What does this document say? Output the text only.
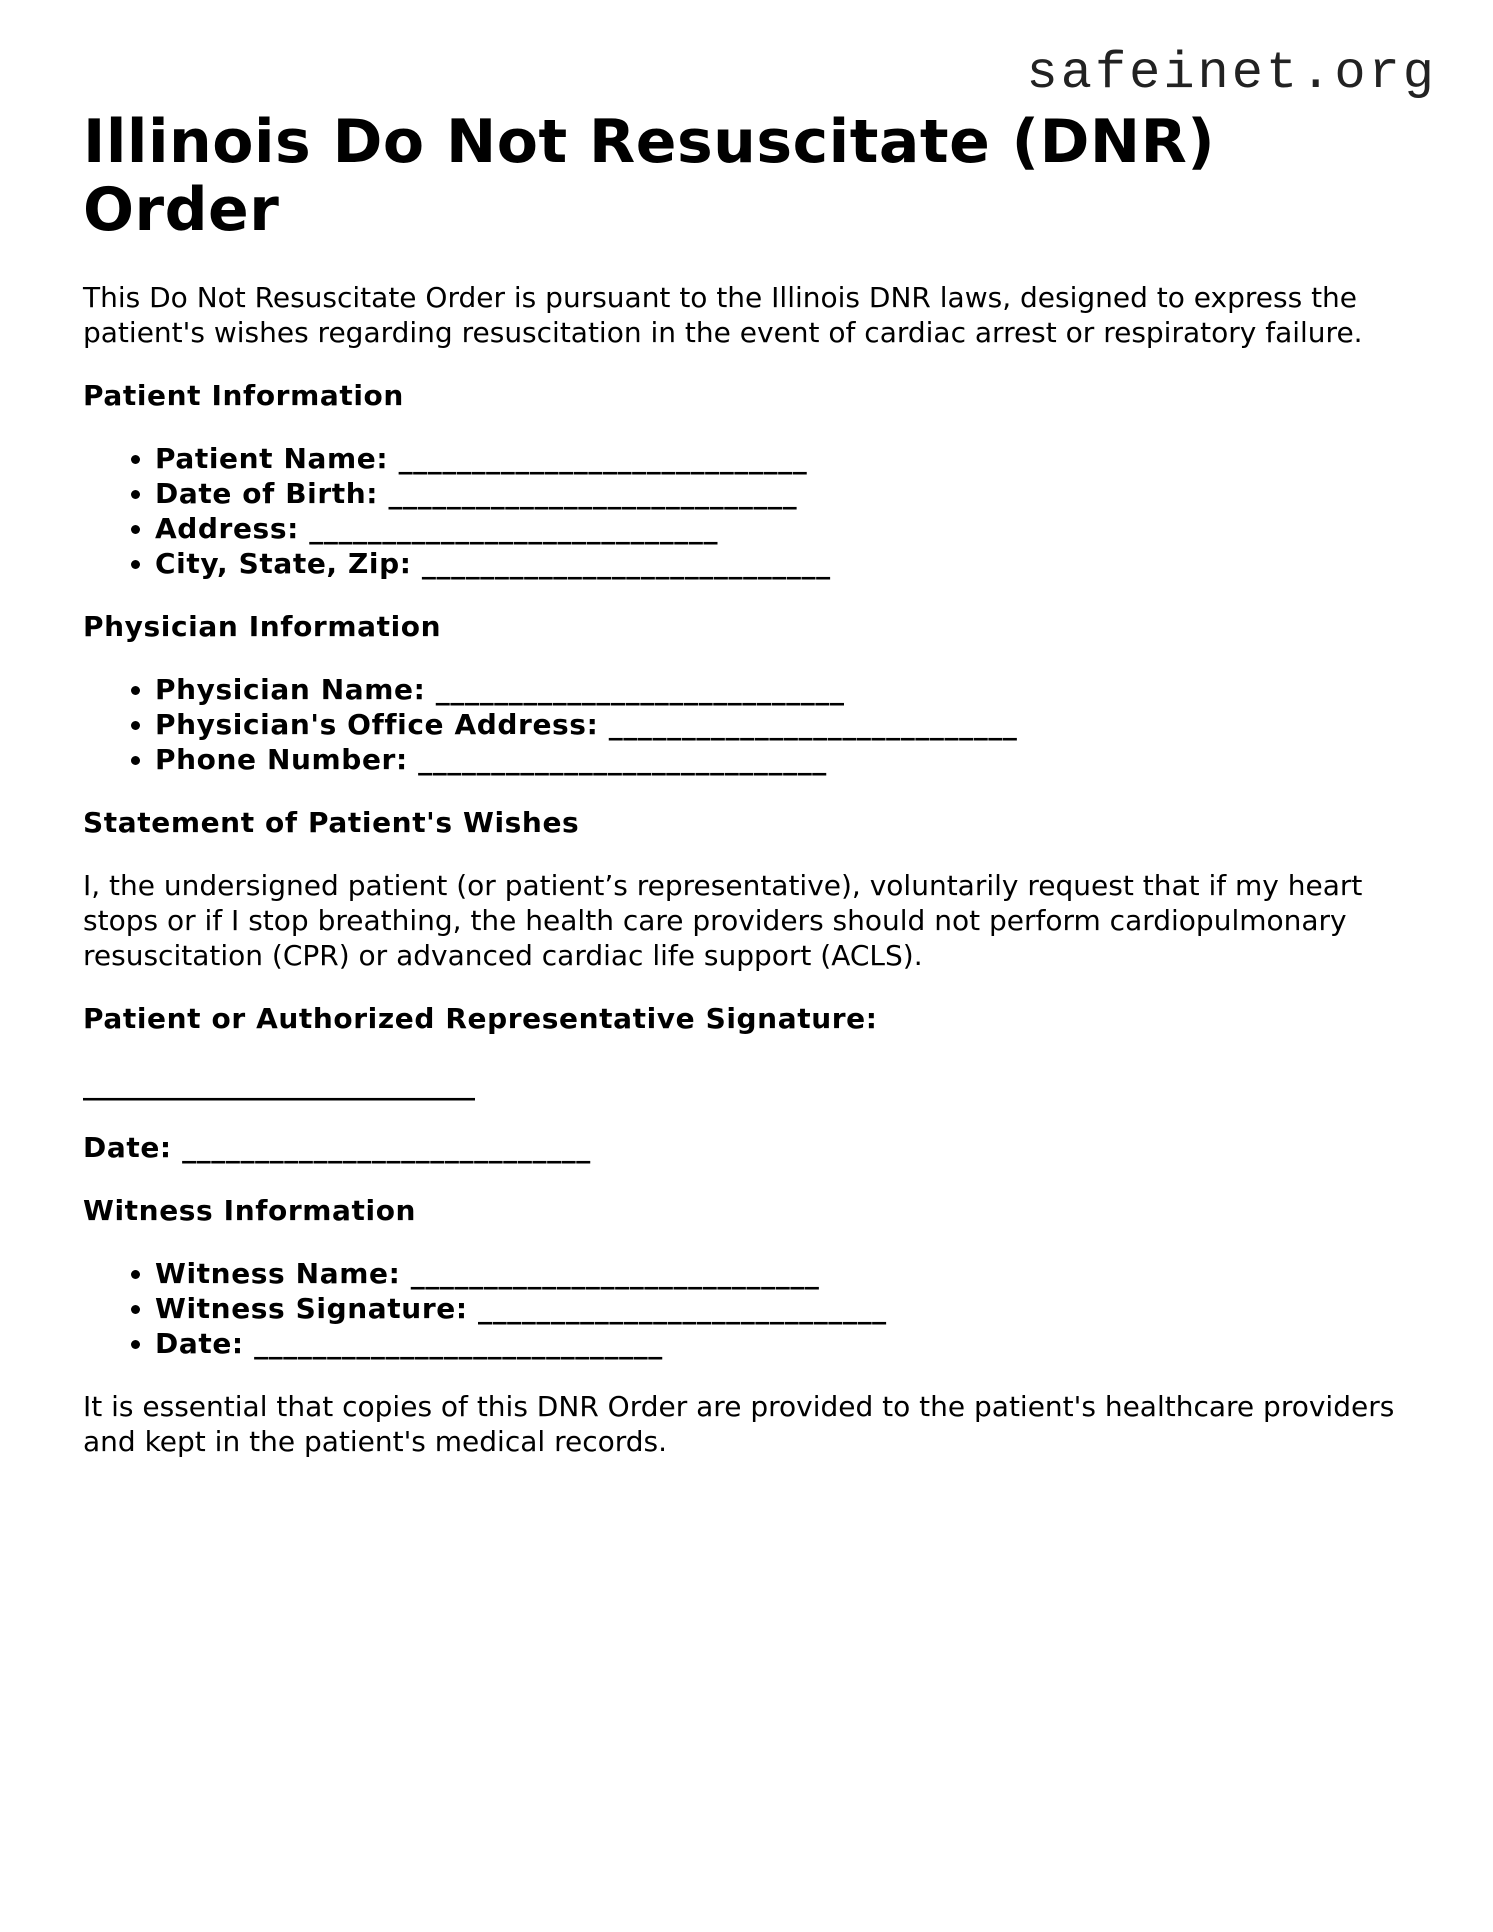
safeinet.org
Illinois Do Not Resuscitate (DNR) Order

This Do Not Resuscitate Order is pursuant to the Illinois DNR laws, designed to express the patient's wishes regarding resuscitation in the event of cardiac arrest or respiratory failure.

Patient Information
• Patient Name: ____________________________
• Date of Birth: ____________________________
• Address: ____________________________
• City, State, Zip: ____________________________
Physician Information
• Physician Name: ____________________________
• Physician's Office Address: ____________________________
• Phone Number: ____________________________
Statement of Patient's Wishes

I, the undersigned patient (or patient’s representative), voluntarily request that if my heart stops or if I stop breathing, the health care providers should not perform cardiopulmonary resuscitation (CPR) or advanced cardiac life support (ACLS).

Patient or Authorized Representative Signature:
____________________________
Date: ____________________________
Witness Information
• Witness Name: ____________________________
• Witness Signature: ____________________________
• Date: ____________________________

It is essential that copies of this DNR Order are provided to the patient's healthcare providers and kept in the patient's medical records.
